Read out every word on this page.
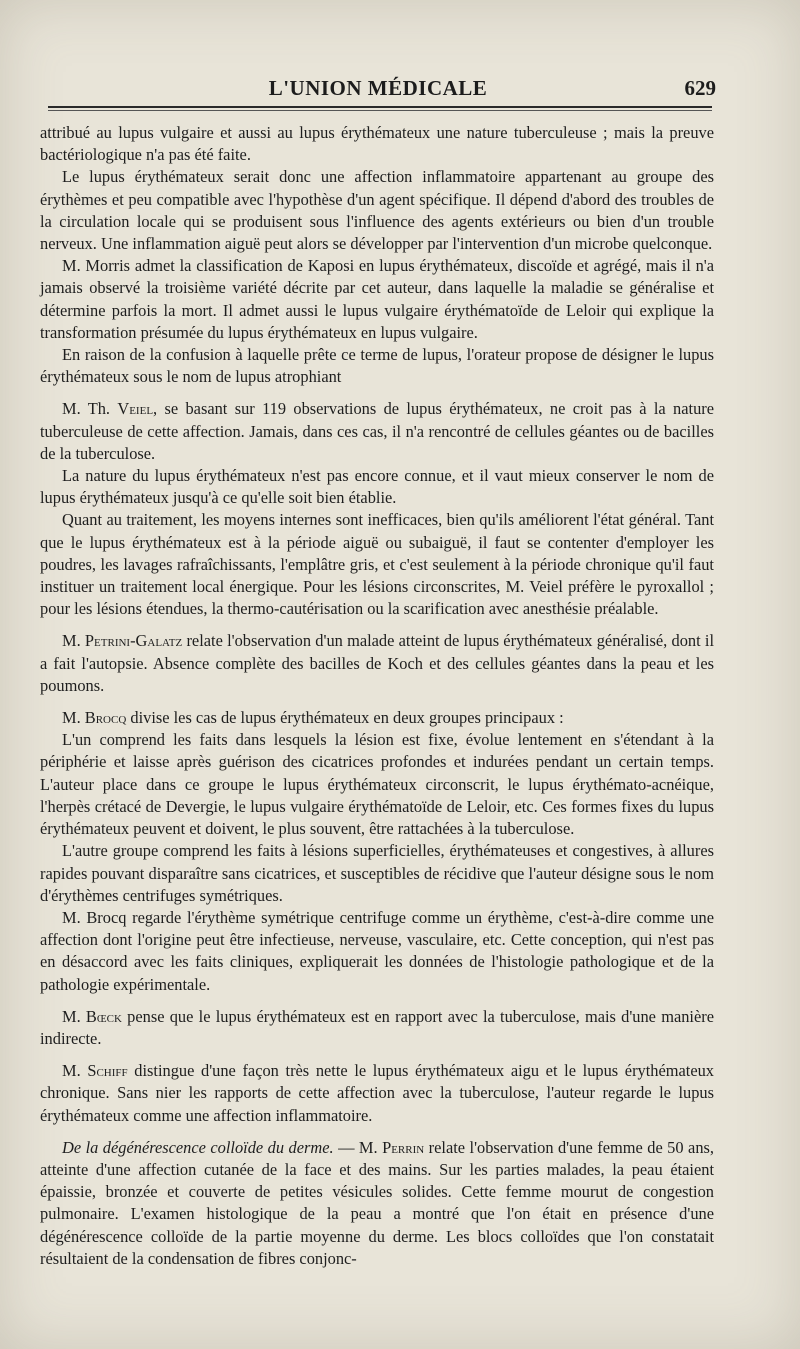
L'UNION MÉDICALE	629

attribué au lupus vulgaire et aussi au lupus érythémateux une nature tuberculeuse ; mais la preuve bactériologique n'a pas été faite.

Le lupus érythémateux serait donc une affection inflammatoire appartenant au groupe des érythèmes et peu compatible avec l'hypothèse d'un agent spécifique. Il dépend d'abord des troubles de la circulation locale qui se produisent sous l'influence des agents extérieurs ou bien d'un trouble nerveux. Une inflammation aiguë peut alors se développer par l'intervention d'un microbe quelconque.

M. Morris admet la classification de Kaposi en lupus érythémateux, discoïde et agrégé, mais il n'a jamais observé la troisième variété décrite par cet auteur, dans laquelle la maladie se généralise et détermine parfois la mort. Il admet aussi le lupus vulgaire érythématoïde de Leloir qui explique la transformation présumée du lupus érythémateux en lupus vulgaire.

En raison de la confusion à laquelle prête ce terme de lupus, l'orateur propose de désigner le lupus érythémateux sous le nom de lupus atrophiant

M. Th. Veiel, se basant sur 119 observations de lupus érythémateux, ne croit pas à la nature tuberculeuse de cette affection. Jamais, dans ces cas, il n'a rencontré de cellules géantes ou de bacilles de la tuberculose.

La nature du lupus érythémateux n'est pas encore connue, et il vaut mieux conserver le nom de lupus érythémateux jusqu'à ce qu'elle soit bien établie.

Quant au traitement, les moyens internes sont inefficaces, bien qu'ils améliorent l'état général. Tant que le lupus érythémateux est à la période aiguë ou subaiguë, il faut se contenter d'employer les poudres, les lavages rafraîchissants, l'emplâtre gris, et c'est seulement à la période chronique qu'il faut instituer un traitement local énergique. Pour les lésions circonscrites, M. Veiel préfère le pyroxallol ; pour les lésions étendues, la thermo-cautérisation ou la scarification avec anesthésie préalable.

M. Petrini-Galatz relate l'observation d'un malade atteint de lupus érythémateux généralisé, dont il a fait l'autopsie. Absence complète des bacilles de Koch et des cellules géantes dans la peau et les poumons.

M. Brocq divise les cas de lupus érythémateux en deux groupes principaux :

L'un comprend les faits dans lesquels la lésion est fixe, évolue lentement en s'étendant à la périphérie et laisse après guérison des cicatrices profondes et indurées pendant un certain temps. L'auteur place dans ce groupe le lupus érythémateux circonscrit, le lupus érythémato-acnéique, l'herpès crétacé de Devergie, le lupus vulgaire érythématoïde de Leloir, etc. Ces formes fixes du lupus érythémateux peuvent et doivent, le plus souvent, être rattachées à la tuberculose.

L'autre groupe comprend les faits à lésions superficielles, érythémateuses et congestives, à allures rapides pouvant disparaître sans cicatrices, et susceptibles de récidive que l'auteur désigne sous le nom d'érythèmes centrifuges symétriques.

M. Brocq regarde l'érythème symétrique centrifuge comme un érythème, c'est-à-dire comme une affection dont l'origine peut être infectieuse, nerveuse, vasculaire, etc. Cette conception, qui n'est pas en désaccord avec les faits cliniques, expliquerait les données de l'histologie pathologique et de la pathologie expérimentale.

M. Bœck pense que le lupus érythémateux est en rapport avec la tuberculose, mais d'une manière indirecte.

M. Schiff distingue d'une façon très nette le lupus érythémateux aigu et le lupus érythémateux chronique. Sans nier les rapports de cette affection avec la tuberculose, l'auteur regarde le lupus érythémateux comme une affection inflammatoire.

De la dégénérescence colloïde du derme. — M. Perrin relate l'observation d'une femme de 50 ans, atteinte d'une affection cutanée de la face et des mains. Sur les parties malades, la peau étaient épaissie, bronzée et couverte de petites vésicules solides. Cette femme mourut de congestion pulmonaire. L'examen histologique de la peau a montré que l'on était en présence d'une dégénérescence colloïde de la partie moyenne du derme. Les blocs colloïdes que l'on constatait résultaient de la condensation de fibres conjonc-
